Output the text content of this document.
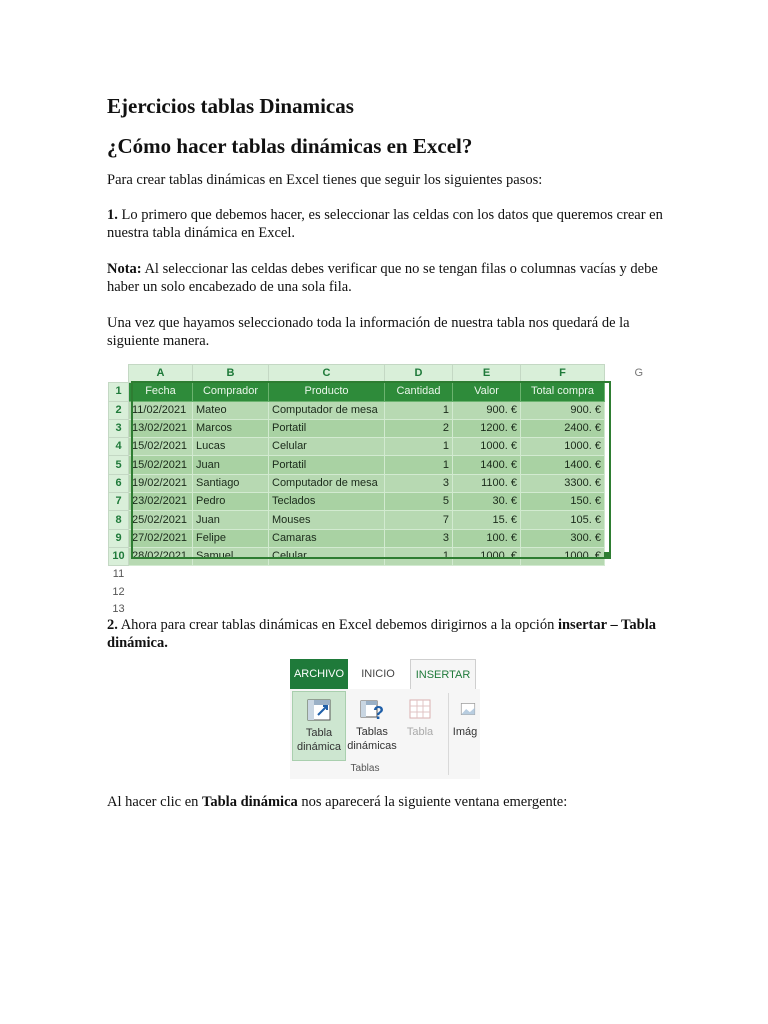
Ejercicios tablas Dinamicas
¿Cómo hacer tablas dinámicas en Excel?

Para crear tablas dinámicas en Excel tienes que seguir los siguientes pasos:

1. Lo primero que debemos hacer, es seleccionar las celdas con los datos que queremos crear en nuestra tabla dinámica en Excel.

Nota: Al seleccionar las celdas debes verificar que no se tengan filas o columnas vacías y debe haber un solo encabezado de una sola fila.

Una vez que hayamos seleccionado toda la información de nuestra tabla nos quedará de la siguiente manera.

	A	B	C	D	E	F	G
1	Fecha	Comprador	Producto	Cantidad	Valor	Total compra	
2	11/02/2021	Mateo	Computador de mesa	1	900. €	900. €	
3	13/02/2021	Marcos	Portatil	2	1200. €	2400. €	
4	15/02/2021	Lucas	Celular	1	1000. €	1000. €	
5	15/02/2021	Juan	Portatil	1	1400. €	1400. €	
6	19/02/2021	Santiago	Computador de mesa	3	1100. €	3300. €	
7	23/02/2021	Pedro	Teclados	5	30. €	150. €	
8	25/02/2021	Juan	Mouses	7	15. €	105. €	
9	27/02/2021	Felipe	Camaras	3	100. €	300. €	
10	28/02/2021	Samuel	Celular	1	1000. €	1000. €	
11							
12							
13							

2. Ahora para crear tablas dinámicas en Excel debemos dirigirnos a la opción insertar – Tabla dinámica.

ARCHIVO	INICIO	INSERTAR
Tabla
dinámica
?
Tablas
dinámicas
Tabla	Imág
Tablas

Al hacer clic en Tabla dinámica nos aparecerá la siguiente ventana emergente:
